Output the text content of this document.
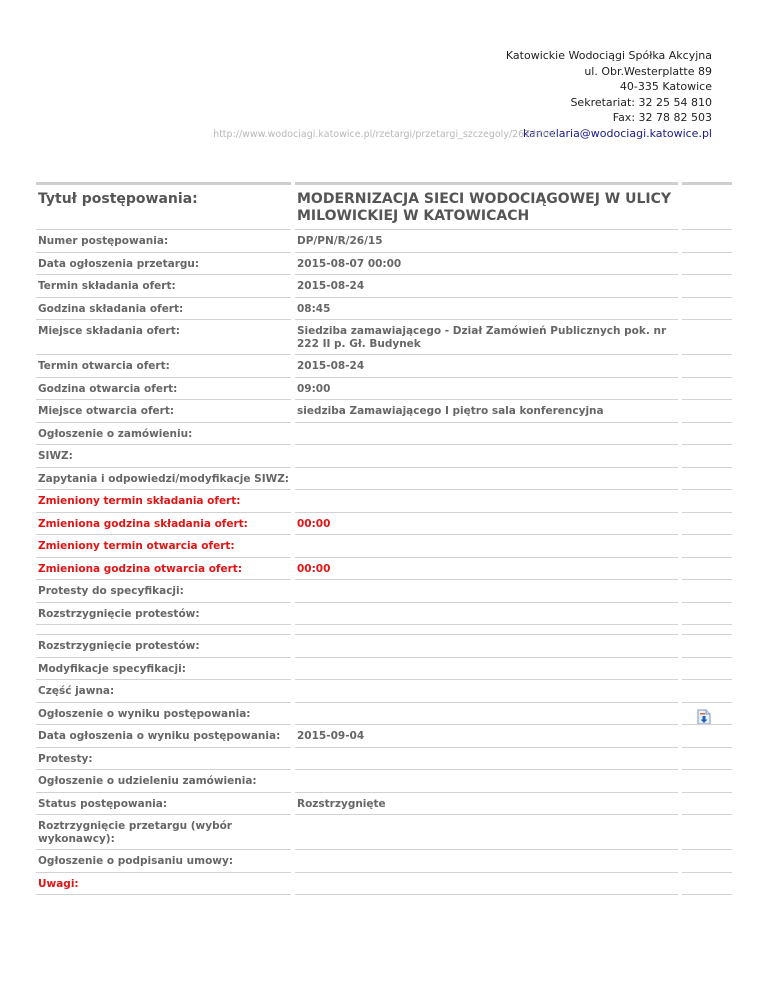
Katowickie Wodociągi Spółka Akcyjna
ul. Obr.Westerplatte 89
40-335 Katowice
Sekretariat: 32 25 54 810
Fax: 32 78 82 503
kancelaria@wodociagi.katowice.pl
http://www.wodociagi.katowice.pl/rzetargi/przetargi_szczegoly/267.html
Tytuł postępowania:	MODERNIZACJA SIECI WODOCIĄGOWEJ W ULICY MILOWICKIEJ W KATOWICACH
Numer postępowania:	DP/PN/R/26/15
Data ogłoszenia przetargu:	2015-08-07 00:00
Termin składania ofert:	2015-08-24
Godzina składania ofert:	08:45
Miejsce składania ofert:	Siedziba zamawiającego - Dział Zamówień Publicznych pok. nr 222 II p. Gł. Budynek
Termin otwarcia ofert:	2015-08-24
Godzina otwarcia ofert:	09:00
Miejsce otwarcia ofert:	siedziba Zamawiającego I piętro sala konferencyjna
Ogłoszenie o zamówieniu:
SIWZ:
Zapytania i odpowiedzi/modyfikacje SIWZ:
Zmieniony termin składania ofert:
Zmieniona godzina składania ofert:	00:00
Zmieniony termin otwarcia ofert:
Zmieniona godzina otwarcia ofert:	00:00
Protesty do specyfikacji:
Rozstrzygnięcie protestów:
Rozstrzygnięcie protestów:
Modyfikacje specyfikacji:
Część jawna:
Ogłoszenie o wyniku postępowania:
Data ogłoszenia o wyniku postępowania:	2015-09-04
Protesty:
Ogłoszenie o udzieleniu zamówienia:
Status postępowania:	Rozstrzygnięte
Roztrzygnięcie przetargu (wybór wykonawcy):
Ogłoszenie o podpisaniu umowy:
Uwagi:
